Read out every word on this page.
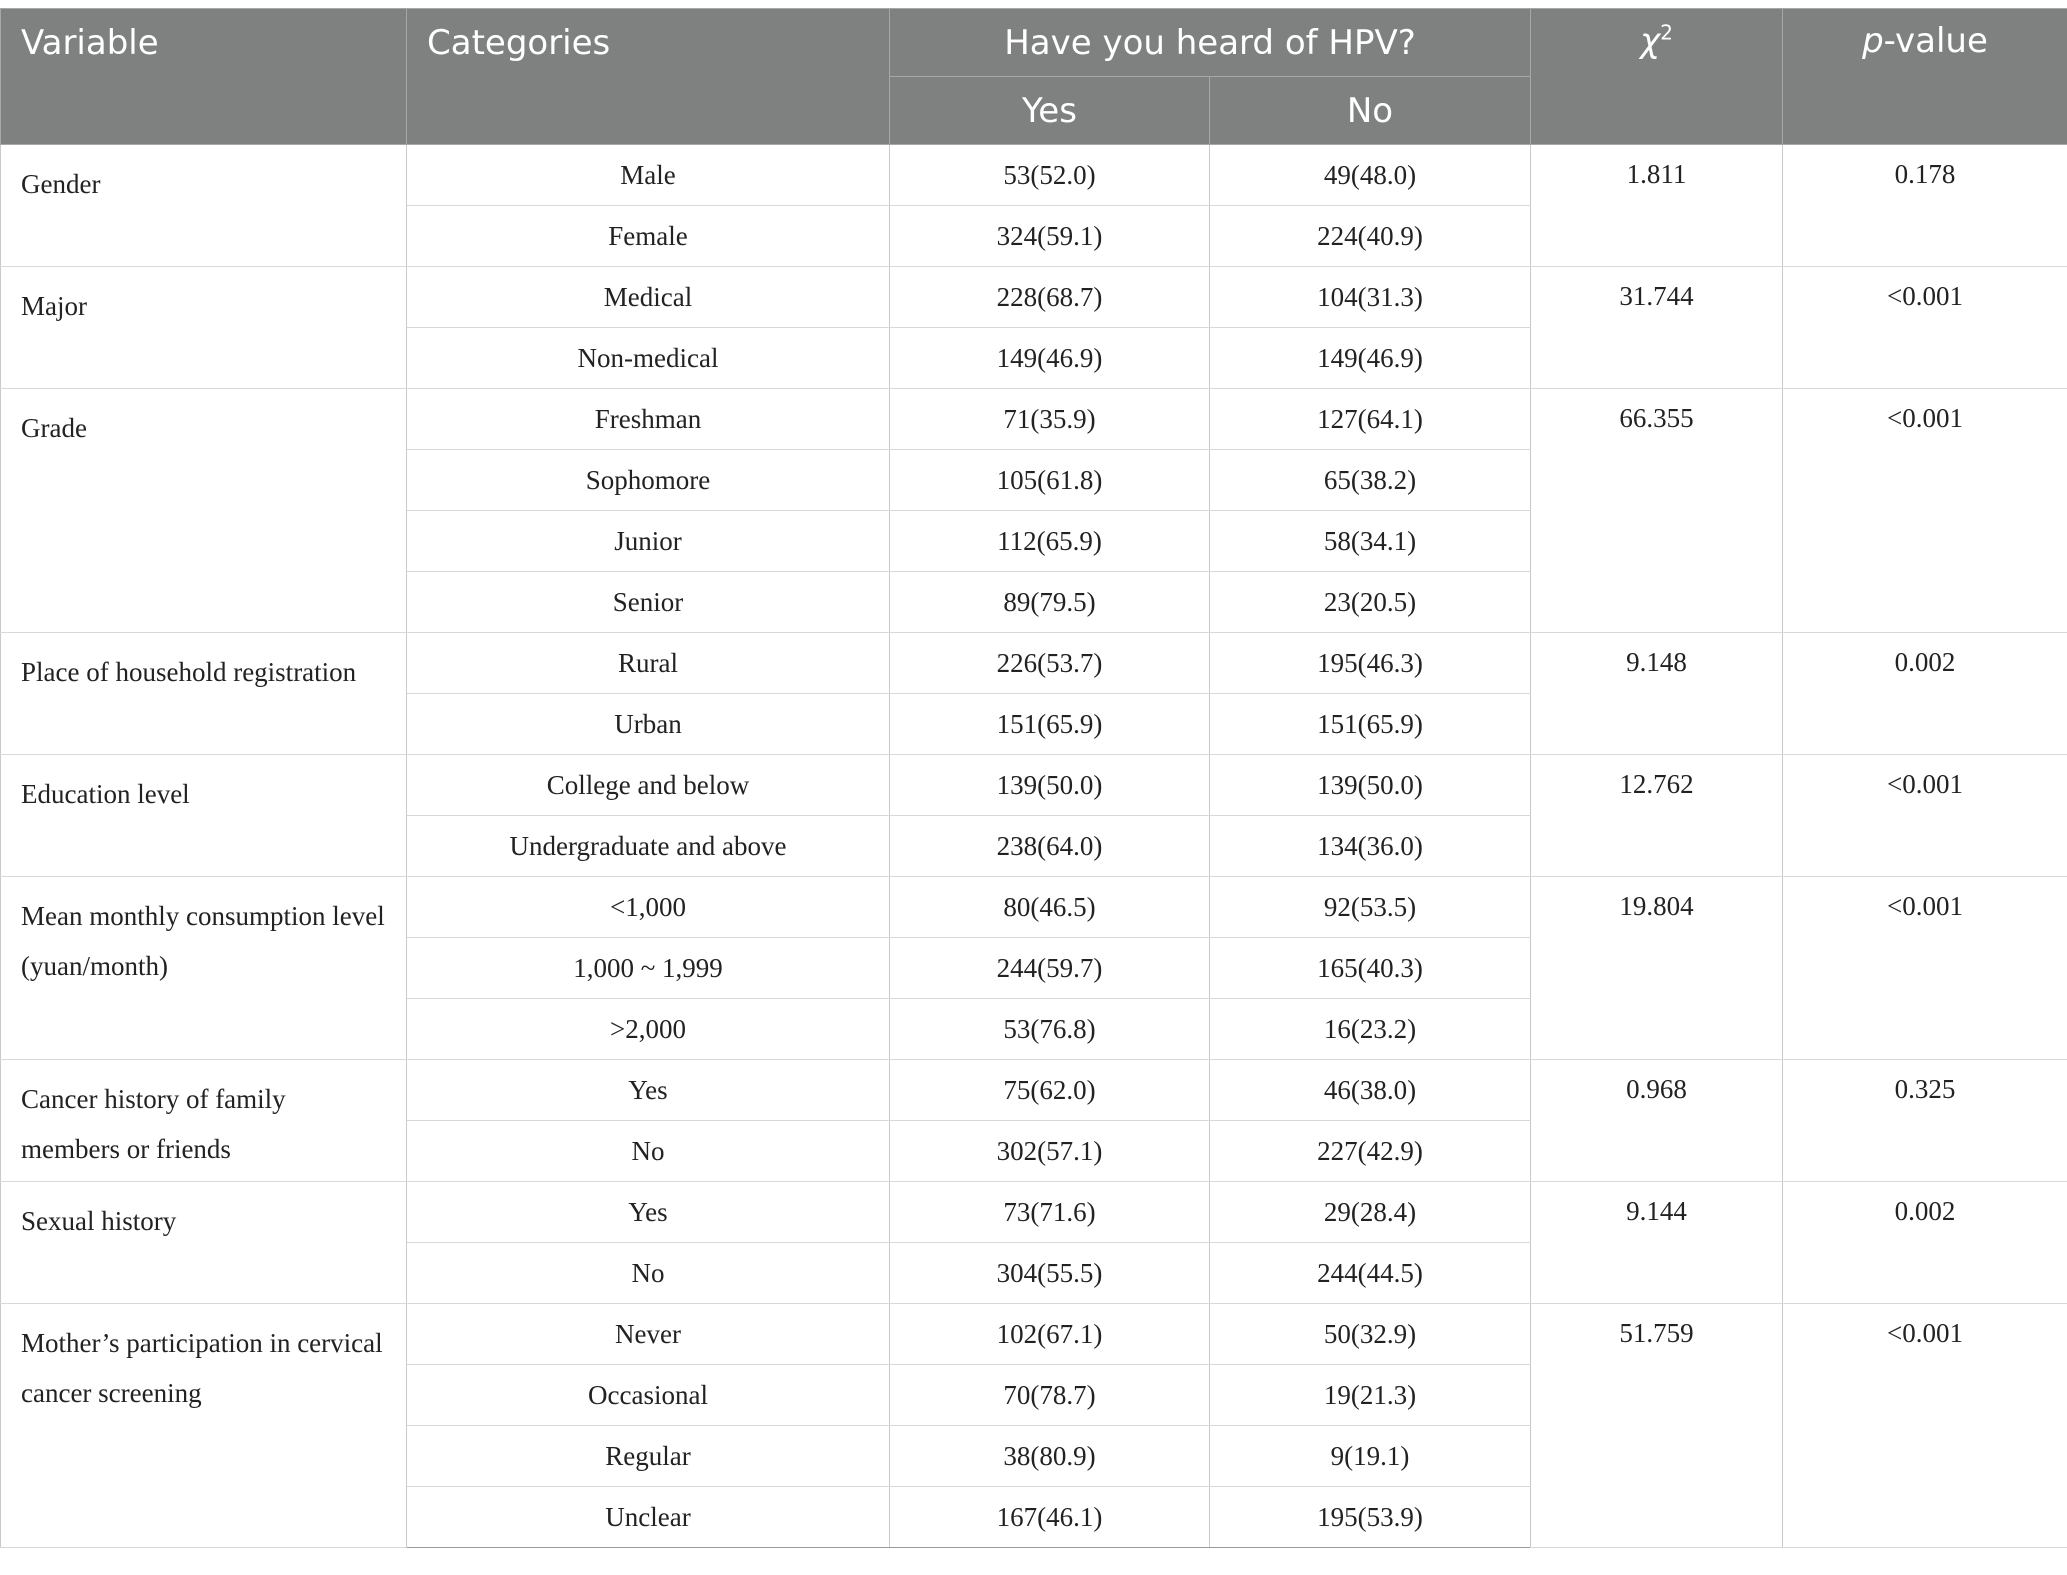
Variable	Categories	Have you heard of HPV?		$\chi^2$	p-value
		Yes	No		
Gender	Male	53(52.0)	49(48.0)	1.811	0.178
	Female	324(59.1)	224(40.9)		
Major	Medical	228(68.7)	104(31.3)	31.744	<0.001
	Non-medical	149(46.9)	149(46.9)		
Grade	Freshman	71(35.9)	127(64.1)	66.355	<0.001
	Sophomore	105(61.8)	65(38.2)		
	Junior	112(65.9)	58(34.1)		
	Senior	89(79.5)	23(20.5)		
Place of household registration	Rural	226(53.7)	195(46.3)	9.148	0.002
	Urban	151(65.9)	151(65.9)		
Education level	College and below	139(50.0)	139(50.0)	12.762	<0.001
	Undergraduate and above	238(64.0)	134(36.0)		
Mean monthly consumption level (yuan/month)	<1,000	80(46.5)	92(53.5)	19.804	<0.001
	1,000 ~ 1,999	244(59.7)	165(40.3)		
	>2,000	53(76.8)	16(23.2)		
Cancer history of family members or friends	Yes	75(62.0)	46(38.0)	0.968	0.325
	No	302(57.1)	227(42.9)		
Sexual history	Yes	73(71.6)	29(28.4)	9.144	0.002
	No	304(55.5)	244(44.5)		
Mother’s participation in cervical cancer screening	Never	102(67.1)	50(32.9)	51.759	<0.001
	Occasional	70(78.7)	19(21.3)		
	Regular	38(80.9)	9(19.1)		
	Unclear	167(46.1)	195(53.9)		
